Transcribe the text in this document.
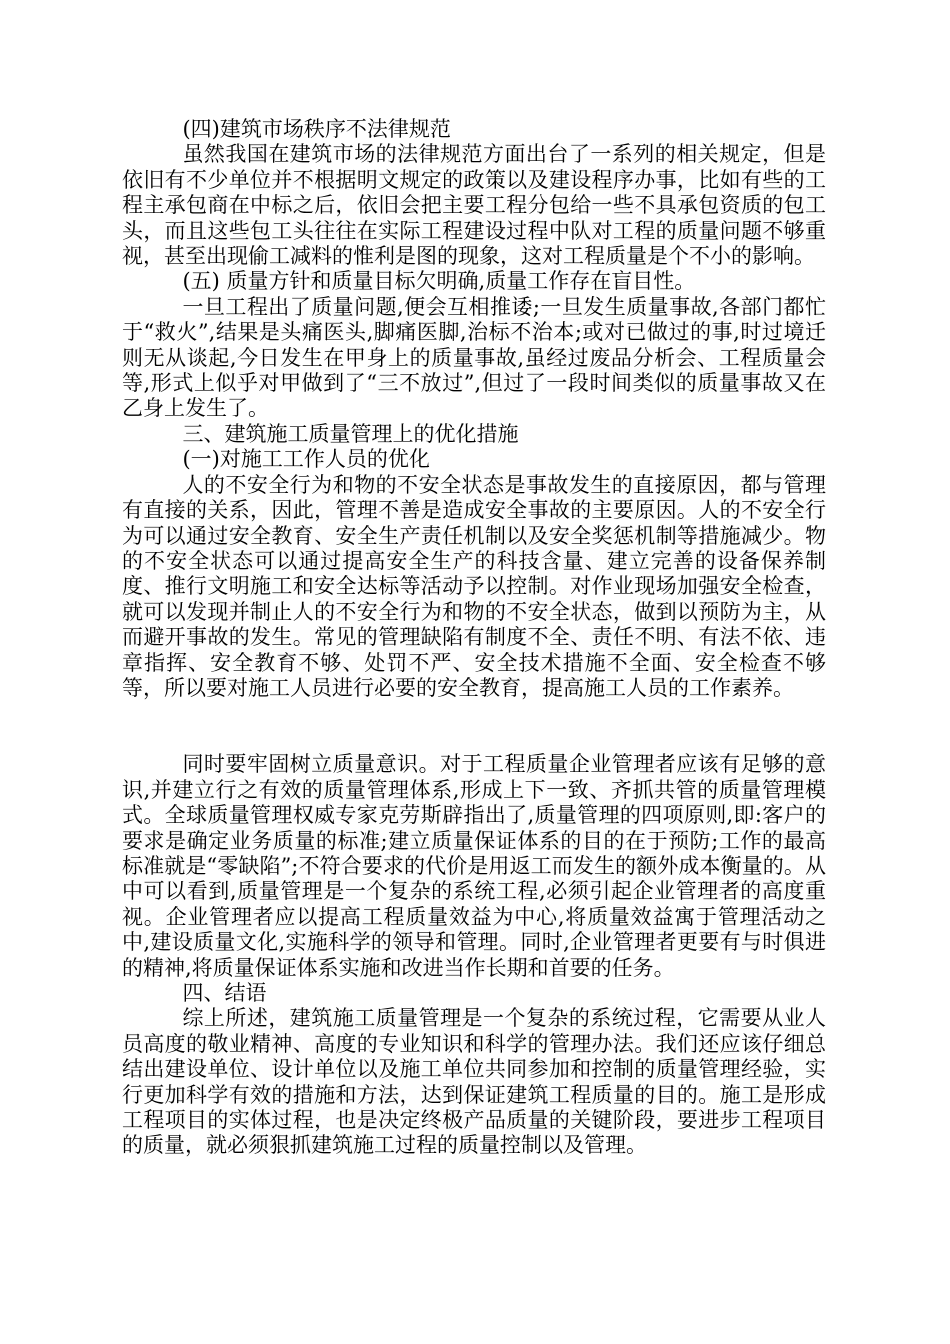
(四)建筑市场秩序不法律规范

虽然我国在建筑市场的法律规范方面出台了一系列的相关规定，但是依旧有不少单位并不根据明文规定的政策以及建设程序办事，比如有些的工程主承包商在中标之后，依旧会把主要工程分包给一些不具承包资质的包工头，而且这些包工头往往在实际工程建设过程中队对工程的质量问题不够重视，甚至出现偷工减料的惟利是图的现象，这对工程质量是个不小的影响。

(五) 质量方针和质量目标欠明确,质量工作存在盲目性。

一旦工程出了质量问题,便会互相推诿;一旦发生质量事故,各部门都忙于“救火”,结果是头痛医头,脚痛医脚,治标不治本;或对已做过的事,时过境迁则无从谈起,今日发生在甲身上的质量事故,虽经过废品分析会、工程质量会等,形式上似乎对甲做到了“三不放过”,但过了一段时间类似的质量事故又在乙身上发生了。

三、建筑施工质量管理上的优化措施

(一)对施工工作人员的优化

人的不安全行为和物的不安全状态是事故发生的直接原因，都与管理有直接的关系，因此，管理不善是造成安全事故的主要原因。人的不安全行为可以通过安全教育、安全生产责任机制以及安全奖惩机制等措施减少。物的不安全状态可以通过提高安全生产的科技含量、建立完善的设备保养制度、推行文明施工和安全达标等活动予以控制。对作业现场加强安全检查，就可以发现并制止人的不安全行为和物的不安全状态，做到以预防为主，从而避开事故的发生。常见的管理缺陷有制度不全、责任不明、有法不依、违章指挥、安全教育不够、处罚不严、安全技术措施不全面、安全检查不够等，所以要对施工人员进行必要的安全教育，提高施工人员的工作素养。

同时要牢固树立质量意识。对于工程质量企业管理者应该有足够的意识,并建立行之有效的质量管理体系,形成上下一致、齐抓共管的质量管理模式。全球质量管理权威专家克劳斯辟指出了,质量管理的四项原则,即:客户的要求是确定业务质量的标准;建立质量保证体系的目的在于预防;工作的最高标准就是“零缺陷”;不符合要求的代价是用返工而发生的额外成本衡量的。从中可以看到,质量管理是一个复杂的系统工程,必须引起企业管理者的高度重视。企业管理者应以提高工程质量效益为中心,将质量效益寓于管理活动之中,建设质量文化,实施科学的领导和管理。同时,企业管理者更要有与时俱进的精神,将质量保证体系实施和改进当作长期和首要的任务。

四、结语

综上所述，建筑施工质量管理是一个复杂的系统过程，它需要从业人员高度的敬业精神、高度的专业知识和科学的管理办法。我们还应该仔细总结出建设单位、设计单位以及施工单位共同参加和控制的质量管理经验，实行更加科学有效的措施和方法，达到保证建筑工程质量的目的。施工是形成工程项目的实体过程，也是决定终极产品质量的关键阶段，要进步工程项目的质量，就必须狠抓建筑施工过程的质量控制以及管理。
